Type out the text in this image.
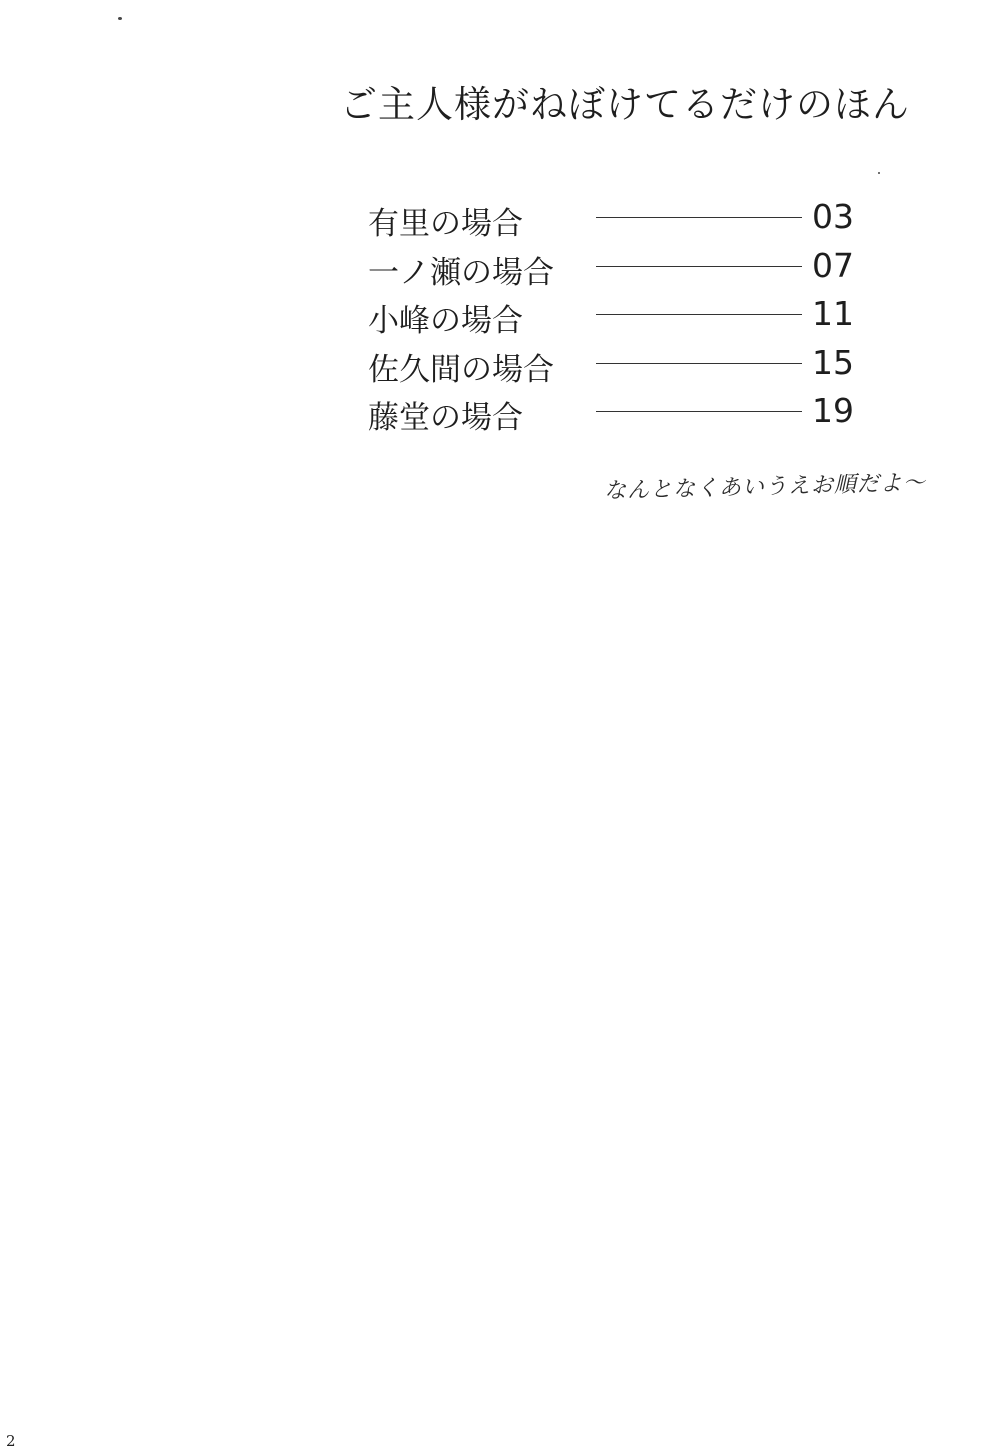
ご主人様がねぼけてるだけのほん
有里の場合	03
一ノ瀬の場合	07
小峰の場合	11
佐久間の場合	15
藤堂の場合	19
なんとなくあいうえお順だよ〜
2
